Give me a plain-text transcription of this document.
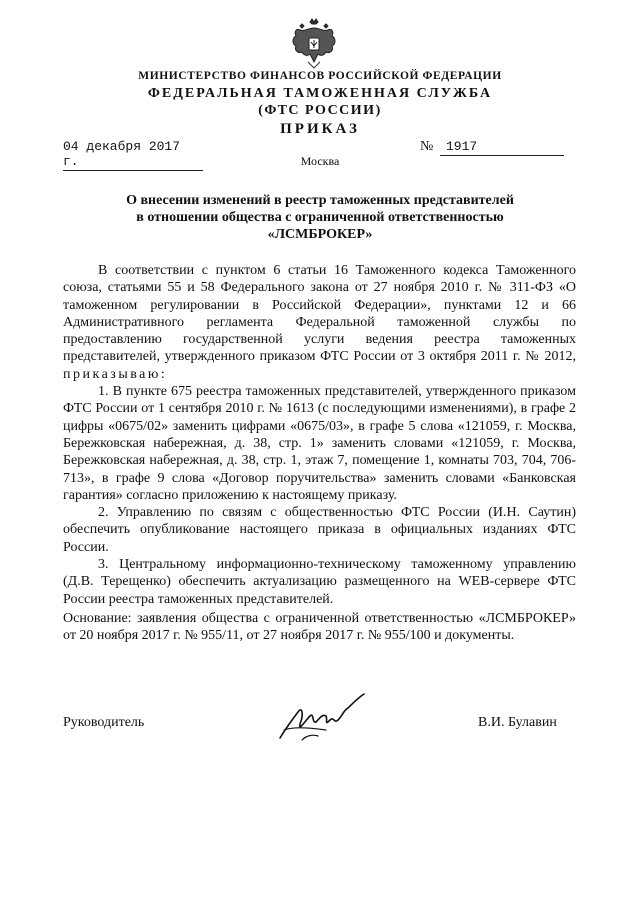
МИНИСТЕРСТВО ФИНАНСОВ РОССИЙСКОЙ ФЕДЕРАЦИИ
ФЕДЕРАЛЬНАЯ ТАМОЖЕННАЯ СЛУЖБА
(ФТС РОССИИ)
ПРИКАЗ
04 декабря 2017 г.
№ 1917
Москва
О внесении изменений в реестр таможенных представителей
в отношении общества с ограниченной ответственностью
«ЛСМБРОКЕР»

В соответствии с пунктом 6 статьи 16 Таможенного кодекса Таможенного союза, статьями 55 и 58 Федерального закона от 27 ноября 2010 г. № 311-ФЗ «О таможенном регулировании в Российской Федерации», пунктами 12 и 66 Административного регламента Федеральной таможенной службы по предоставлению государственной услуги ведения реестра таможенных представителей, утвержденного приказом ФТС России от 3 октября 2011 г. № 2012, приказываю:

1. В пункте 675 реестра таможенных представителей, утвержденного приказом ФТС России от 1 сентября 2010 г. № 1613 (с последующими изменениями), в графе 2 цифры «0675/02» заменить цифрами «0675/03», в графе 5 слова «121059, г. Москва, Бережковская набережная, д. 38, стр. 1» заменить словами «121059, г. Москва, Бережковская набережная, д. 38, стр. 1, этаж 7, помещение 1, комнаты 703, 704, 706-713», в графе 9 слова «Договор поручительства» заменить словами «Банковская гарантия» согласно приложению к настоящему приказу.

2. Управлению по связям с общественностью ФТС России (И.Н. Саутин) обеспечить опубликование настоящего приказа в официальных изданиях ФТС России.

3. Центральному информационно-техническому таможенному управлению (Д.В. Терещенко) обеспечить актуализацию размещенного на WEB-сервере ФТС России реестра таможенных представителей.

Основание: заявления общества с ограниченной ответственностью «ЛСМБРОКЕР» от 20 ноября 2017 г. № 955/11, от 27 ноября 2017 г. № 955/100 и документы.

Руководитель	В.И. Булавин
